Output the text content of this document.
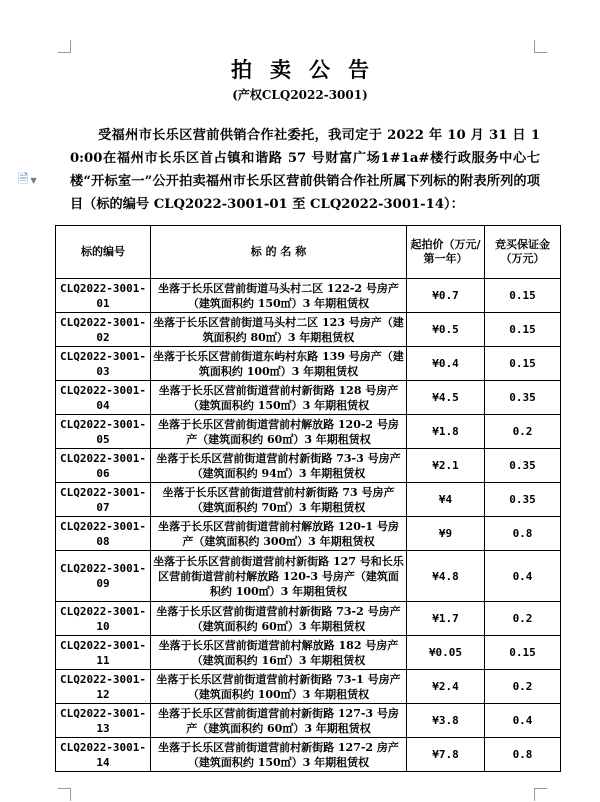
🗎 ▼
拍卖公告
(产权CLQ2022-3001)
受福州市长乐区营前供销合作社委托，我司定于 2022 年 10 月 31 日 10:00在福州市长乐区首占镇和谐路 57 号财富广场1#1a#楼行政服务中心七楼“开标室一”公开拍卖福州市长乐区营前供销合作社所属下列标的附表所列的项目（标的编号 CLQ2022-3001-01 至 CLQ2022-3001-14）：
标的编号	标 的 名 称	起拍价（万元/第一年）	竞买保证金（万元）
CLQ2022-3001-01	坐落于长乐区营前街道马头村二区 122-2 号房产（建筑面积约 150㎡）3 年期租赁权	¥0.7	0.15
CLQ2022-3001-02	坐落于长乐区营前街道马头村二区 123 号房产（建筑面积约 80㎡）3 年期租赁权	¥0.5	0.15
CLQ2022-3001-03	坐落于长乐区营前街道东屿村东路 139 号房产（建筑面积约 100㎡）3 年期租赁权	¥0.4	0.15
CLQ2022-3001-04	坐落于长乐区营前街道营前村新街路 128 号房产（建筑面积约 150㎡）3 年期租赁权	¥4.5	0.35
CLQ2022-3001-05	坐落于长乐区营前街道营前村解放路 120-2 号房产（建筑面积约 60㎡）3 年期租赁权	¥1.8	0.2
CLQ2022-3001-06	坐落于长乐区营前街道营前村新街路 73-3 号房产（建筑面积约 94㎡）3 年期租赁权	¥2.1	0.35
CLQ2022-3001-07	坐落于长乐区营前街道营前村新街路 73 号房产（建筑面积约 70㎡）3 年期租赁权	¥4	0.35
CLQ2022-3001-08	坐落于长乐区营前街道营前村解放路 120-1 号房产（建筑面积约 300㎡）3 年期租赁权	¥9	0.8
CLQ2022-3001-09	坐落于长乐区营前街道营前村新街路 127 号和长乐区营前街道营前村解放路 120-3 号房产（建筑面积约 100㎡）3 年期租赁权	¥4.8	0.4
CLQ2022-3001-10	坐落于长乐区营前街道营前村新街路 73-2 号房产（建筑面积约 60㎡）3 年期租赁权	¥1.7	0.2
CLQ2022-3001-11	坐落于长乐区营前街道营前村解放路 182 号房产（建筑面积约 16㎡）3 年期租赁权	¥0.05	0.15
CLQ2022-3001-12	坐落于长乐区营前街道营前村新街路 73-1 号房产（建筑面积约 100㎡）3 年期租赁权	¥2.4	0.2
CLQ2022-3001-13	坐落于长乐区营前街道营前村新街路 127-3 号房产（建筑面积约 60㎡）3 年期租赁权	¥3.8	0.4
CLQ2022-3001-14	坐落于长乐区营前街道营前村新街路 127-2 房产（建筑面积约 150㎡）3 年期租赁权	¥7.8	0.8
